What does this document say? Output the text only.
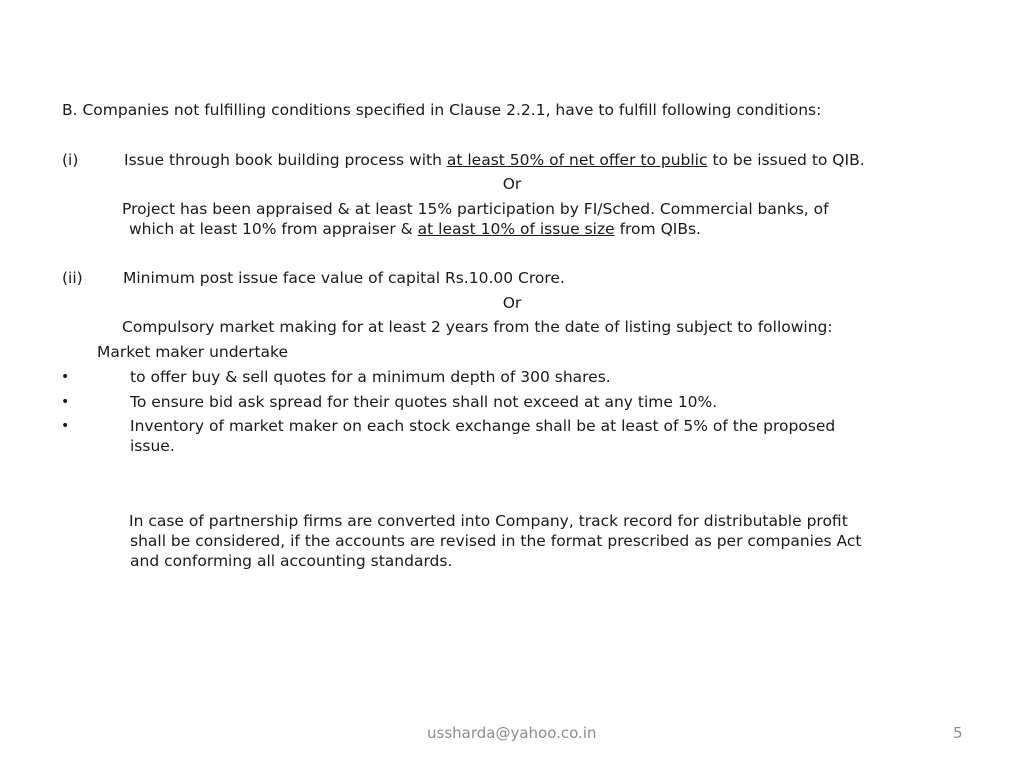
B. Companies not fulfilling conditions specified in Clause 2.2.1, have to fulfill following conditions:

(i)	Issue through book building process with at least 50% of net offer to public to be issued to QIB.

Or

Project has been appraised & at least 15% participation by FI/Sched. Commercial banks, of

which at least 10% from appraiser & at least 10% of issue size from QIBs.

(ii)	Minimum post issue face value of capital Rs.10.00 Crore.

Or

Compulsory market making for at least 2 years from the date of listing subject to following:

Market maker undertake

•	to offer buy & sell quotes for a minimum depth of 300 shares.

•	To ensure bid ask spread for their quotes shall not exceed at any time 10%.

•	Inventory of market maker on each stock exchange shall be at least of 5% of the proposed

issue.

In case of partnership firms are converted into Company, track record for distributable profit

shall be considered, if the accounts are revised in the format prescribed as per companies Act

and conforming all accounting standards.

ussharda@yahoo.co.in	5
